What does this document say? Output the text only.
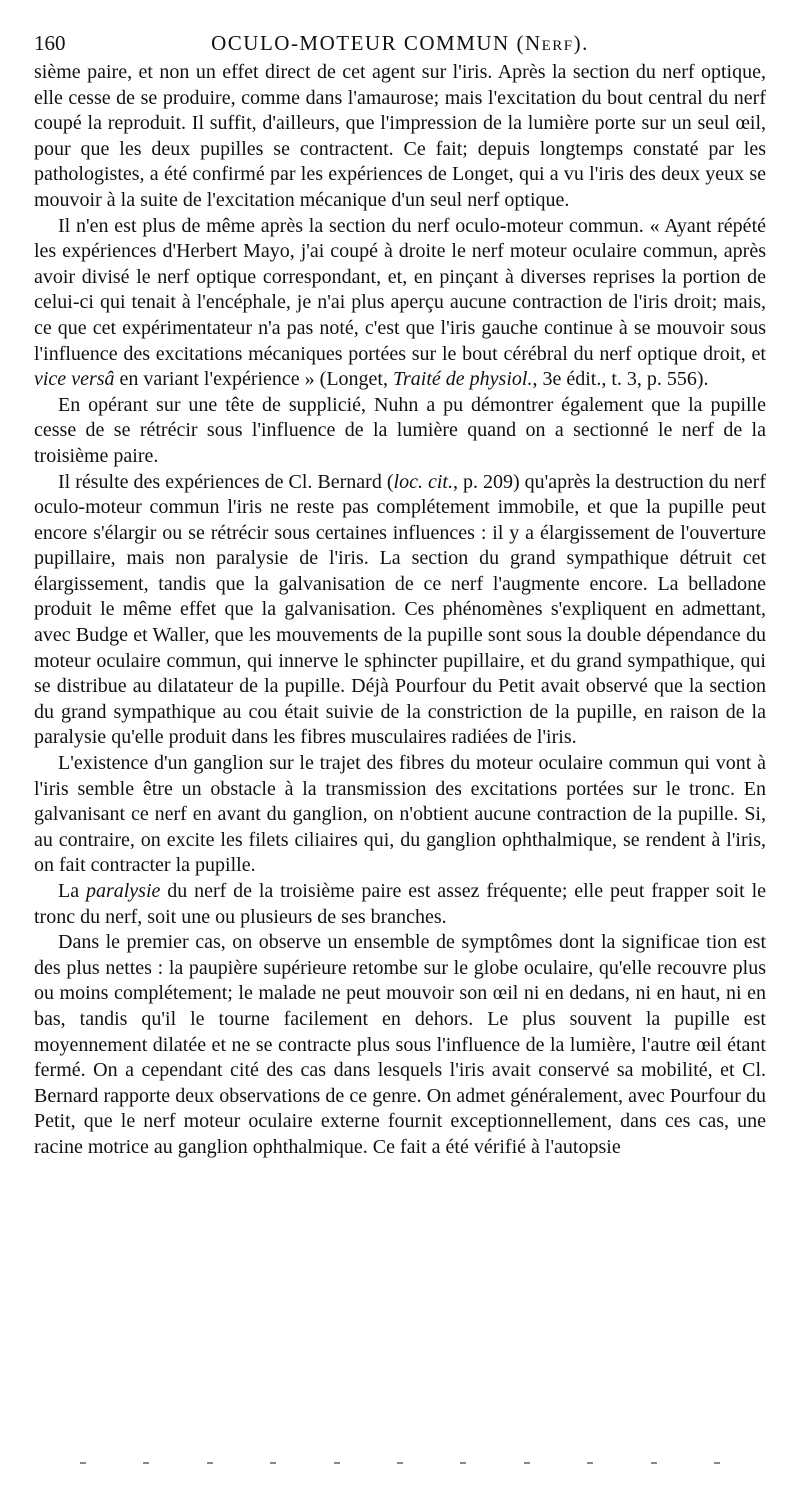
160	OCULO-MOTEUR COMMUN (Nerf).

sième paire, et non un effet direct de cet agent sur l'iris. Après la section du nerf optique, elle cesse de se produire, comme dans l'amaurose; mais l'excitation du bout central du nerf coupé la reproduit. Il suffit, d'ailleurs, que l'impression de la lumière porte sur un seul œil, pour que les deux pupilles se contractent. Ce fait; depuis longtemps constaté par les pathologistes, a été confirmé par les expériences de Longet, qui a vu l'iris des deux yeux se mouvoir à la suite de l'excitation mécanique d'un seul nerf optique.

Il n'en est plus de même après la section du nerf oculo-moteur commun. « Ayant répété les expériences d'Herbert Mayo, j'ai coupé à droite le nerf moteur oculaire commun, après avoir divisé le nerf optique correspondant, et, en pinçant à diverses reprises la portion de celui-ci qui tenait à l'encéphale, je n'ai plus aperçu aucune contraction de l'iris droit; mais, ce que cet expérimentateur n'a pas noté, c'est que l'iris gauche continue à se mouvoir sous l'influence des excitations mécaniques portées sur le bout cérébral du nerf optique droit, et vice versâ en variant l'expérience » (Longet, Traité de physiol., 3e édit., t. 3, p. 556).

En opérant sur une tête de supplicié, Nuhn a pu démontrer également que la pupille cesse de se rétrécir sous l'influence de la lumière quand on a sectionné le nerf de la troisième paire.

Il résulte des expériences de Cl. Bernard (loc. cit., p. 209) qu'après la destruction du nerf oculo-moteur commun l'iris ne reste pas complétement immobile, et que la pupille peut encore s'élargir ou se rétrécir sous certaines influences : il y a élargissement de l'ouverture pupillaire, mais non paralysie de l'iris. La section du grand sympathique détruit cet élargissement, tandis que la galvanisation de ce nerf l'augmente encore. La belladone produit le même effet que la galvanisation. Ces phénomènes s'expliquent en admettant, avec Budge et Waller, que les mouvements de la pupille sont sous la double dépendance du moteur oculaire commun, qui innerve le sphincter pupillaire, et du grand sympathique, qui se distribue au dilatateur de la pupille. Déjà Pourfour du Petit avait observé que la section du grand sympathique au cou était suivie de la constriction de la pupille, en raison de la paralysie qu'elle produit dans les fibres musculaires radiées de l'iris.

L'existence d'un ganglion sur le trajet des fibres du moteur oculaire commun qui vont à l'iris semble être un obstacle à la transmission des excitations portées sur le tronc. En galvanisant ce nerf en avant du ganglion, on n'obtient aucune contraction de la pupille. Si, au contraire, on excite les filets ciliaires qui, du ganglion ophthalmique, se rendent à l'iris, on fait contracter la pupille.

La paralysie du nerf de la troisième paire est assez fréquente; elle peut frapper soit le tronc du nerf, soit une ou plusieurs de ses branches.

Dans le premier cas, on observe un ensemble de symptômes dont la significae tion est des plus nettes : la paupière supérieure retombe sur le globe oculaire, qu'elle recouvre plus ou moins complétement; le malade ne peut mouvoir son œil ni en dedans, ni en haut, ni en bas, tandis qu'il le tourne facilement en dehors. Le plus souvent la pupille est moyennement dilatée et ne se contracte plus sous l'influence de la lumière, l'autre œil étant fermé. On a cependant cité des cas dans lesquels l'iris avait conservé sa mobilité, et Cl. Bernard rapporte deux observations de ce genre. On admet généralement, avec Pourfour du Petit, que le nerf moteur oculaire externe fournit exceptionnellement, dans ces cas, une racine motrice au ganglion ophthalmique. Ce fait a été vérifié à l'autopsie
